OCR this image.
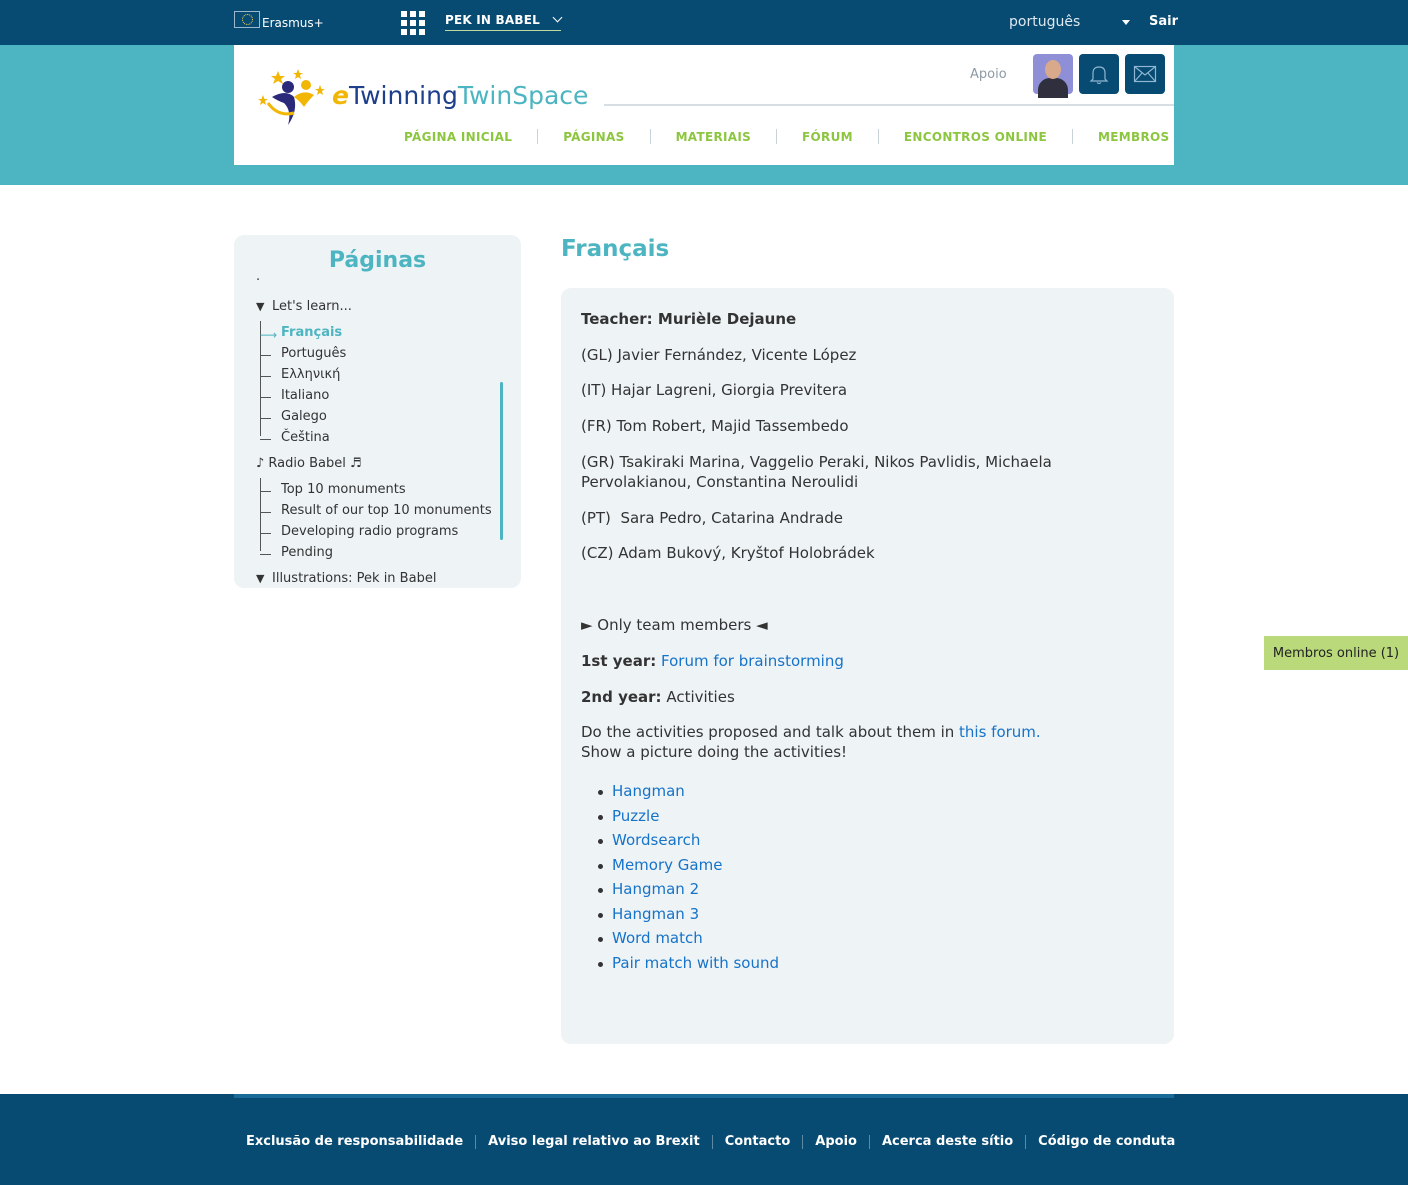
Erasmus+	PEK IN BABEL	português	Sair
eTwinningTwinSpace
Apoio
PÁGINA INICIAL	PÁGINAS	MATERIAIS	FÓRUM	ENCONTROS ONLINE	MEMBROS
Páginas
·
▼ Let's learn...
⟶ Français
Português
Ελληνική
Italiano
Galego
Čeština
♪ Radio Babel ♬
Top 10 monuments
Result of our top 10 monuments
Developing radio programs
Pending
▼ Illustrations: Pek in Babel
Français
Teacher: Murièle Dejaune
(GL) Javier Fernández, Vicente López
(IT) Hajar Lagreni, Giorgia Previtera
(FR) Tom Robert, Majid Tassembedo
(GR) Tsakiraki Marina, Vaggelio Peraki, Nikos Pavlidis, Michaela Pervolakianou, Constantina Neroulidi
(PT)  Sara Pedro, Catarina Andrade
(CZ) Adam Bukový, Kryštof Holobrádek
► Only team members ◄
1st year: Forum for brainstorming
2nd year: Activities
Do the activities proposed and talk about them in this forum.
Show a picture doing the activities!
Hangman
Puzzle
Wordsearch
Memory Game
Hangman 2
Hangman 3
Word match
Pair match with sound
Membros online (1)
Exclusão de responsabilidade Aviso legal relativo ao Brexit Contacto Apoio Acerca deste sítio Código de conduta
